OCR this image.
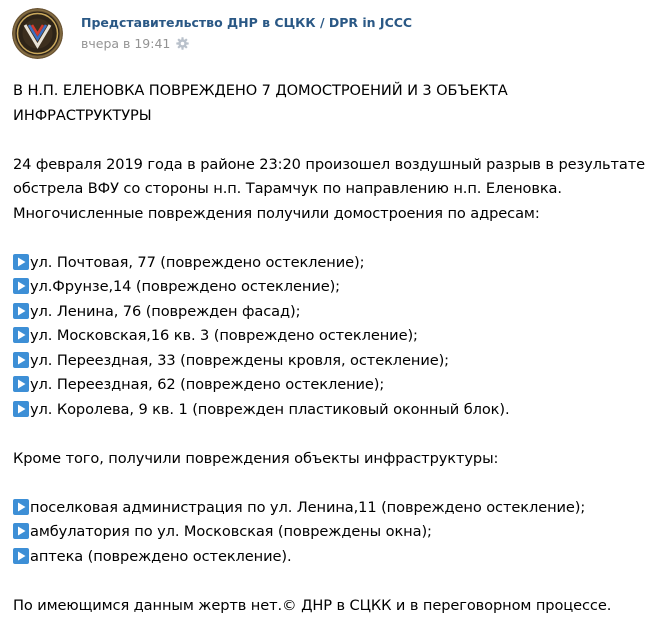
Представительство ДНР в СЦКК / DPR in JCCC
вчера в 19:41
В Н.П. ЕЛЕНОВКА ПОВРЕЖДЕНО 7 ДОМОСТРОЕНИЙ И 3 ОБЪЕКТА
ИНФРАСТРУКТУРЫ
24 февраля 2019 года в районе 23:20 произошел воздушный разрыв в результате
обстрела ВФУ со стороны н.п. Тарамчук по направлению н.п. Еленовка.
Многочисленные повреждения получили домостроения по адресам:
ул. Почтовая, 77 (повреждено остекление);
ул.Фрунзе,14 (повреждено остекление);
ул. Ленина, 76 (поврежден фасад);
ул. Московская,16 кв. 3 (повреждено остекление);
ул. Переездная, 33 (повреждены кровля, остекление);
ул. Переездная, 62 (повреждено остекление);
ул. Королева, 9 кв. 1 (поврежден пластиковый оконный блок).
Кроме того, получили повреждения объекты инфраструктуры:
поселковая администрация по ул. Ленина,11 (повреждено остекление);
амбулатория по ул. Московская (повреждены окна);
аптека (повреждено остекление).
По имеющимся данным жертв нет.© ДНР в СЦКК и в переговорном процессе.
